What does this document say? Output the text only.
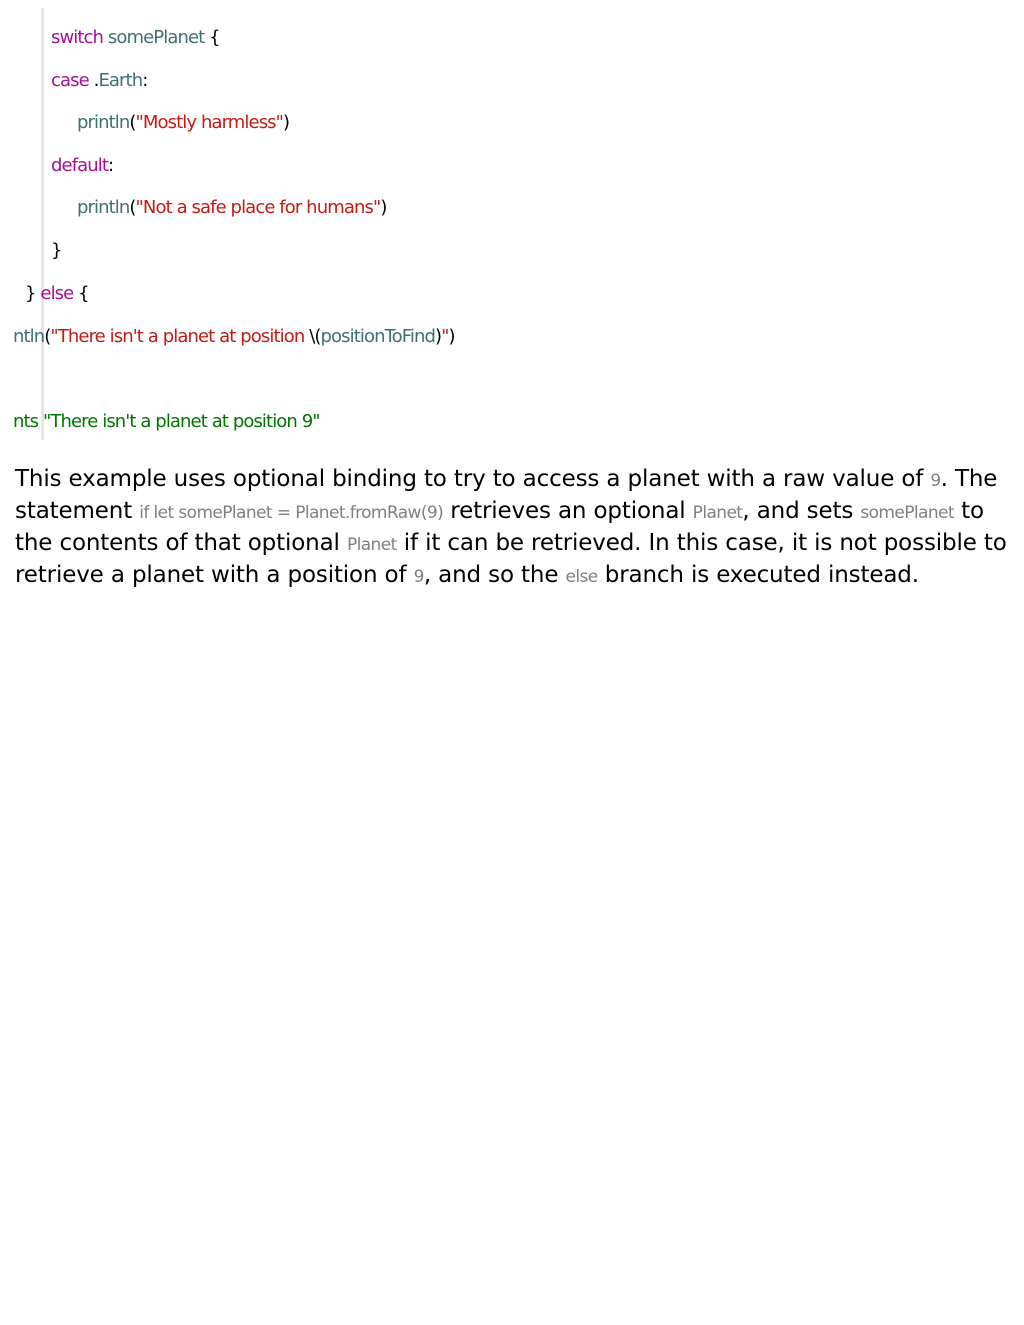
switch somePlanet {
case .Earth:
println("Mostly harmless")
default:
println("Not a safe place for humans")
}
} else {
ntln("There isn't a planet at position \(positionToFind)")
nts "There isn't a planet at position 9"

This example uses optional binding to try to access a planet with a raw value of 9. The statement if let somePlanet = Planet.fromRaw(9) retrieves an optional Planet, and sets somePlanet to the contents of that optional Planet if it can be retrieved. In this case, it is not possible to retrieve a planet with a position of 9, and so the else branch is executed instead.
